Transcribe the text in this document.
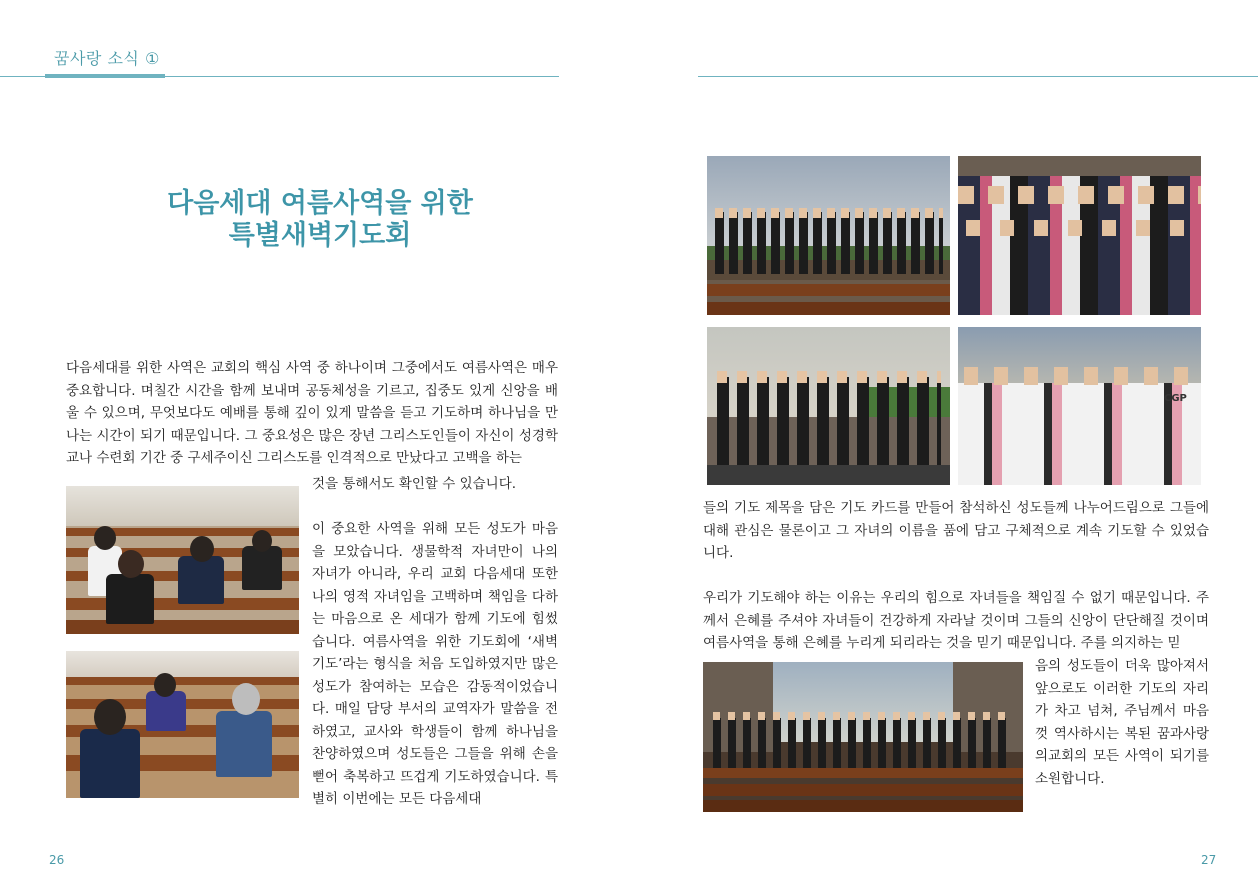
꿈사랑 소식 ①
다음세대 여름사역을 위한
특별새벽기도회
다음세대를 위한 사역은 교회의 핵심 사역 중 하나이며 그중에서도 여름사역은 매우 중요합니다. 며칠간 시간을 함께 보내며 공동체성을 기르고, 집중도 있게 신앙을 배울 수 있으며, 무엇보다도 예배를 통해 깊이 있게 말씀을 듣고 기도하며 하나님을 만나는 시간이 되기 때문입니다. 그 중요성은 많은 장년 그리스도인들이 자신이 성경학교나 수련회 기간 중 구세주이신 그리스도를 인격적으로 만났다고 고백을 하는
것을 통해서도 확인할 수 있습니다.
이 중요한 사역을 위해 모든 성도가 마음을 모았습니다. 생물학적 자녀만이 나의 자녀가 아니라, 우리 교회 다음세대 또한 나의 영적 자녀임을 고백하며 책임을 다하는 마음으로 온 세대가 함께 기도에 힘썼습니다. 여름사역을 위한 기도회에 ‘새벽기도’라는 형식을 처음 도입하였지만 많은 성도가 참여하는 모습은 감동적이었습니다. 매일 담당 부서의 교역자가 말씀을 전하였고, 교사와 학생들이 함께 하나님을 찬양하였으며 성도들은 그들을 위해 손을 뻗어 축복하고 뜨겁게 기도하였습니다. 특별히 이번에는 모든 다음세대
들의 기도 제목을 담은 기도 카드를 만들어 참석하신 성도들께 나누어드림으로 그들에 대해 관심은 물론이고 그 자녀의 이름을 품에 담고 구체적으로 계속 기도할 수 있었습니다.
우리가 기도해야 하는 이유는 우리의 힘으로 자녀들을 책임질 수 없기 때문입니다. 주께서 은혜를 주셔야 자녀들이 건강하게 자라날 것이며 그들의 신앙이 단단해질 것이며 여름사역을 통해 은혜를 누리게 되리라는 것을 믿기 때문입니다. 주를 의지하는 믿
음의 성도들이 더욱 많아져서 앞으로도 이러한 기도의 자리가 차고 넘쳐, 주님께서 마음껏 역사하시는 복된 꿈과사랑의교회의 모든 사역이 되기를 소원합니다.
CGP
26	27
